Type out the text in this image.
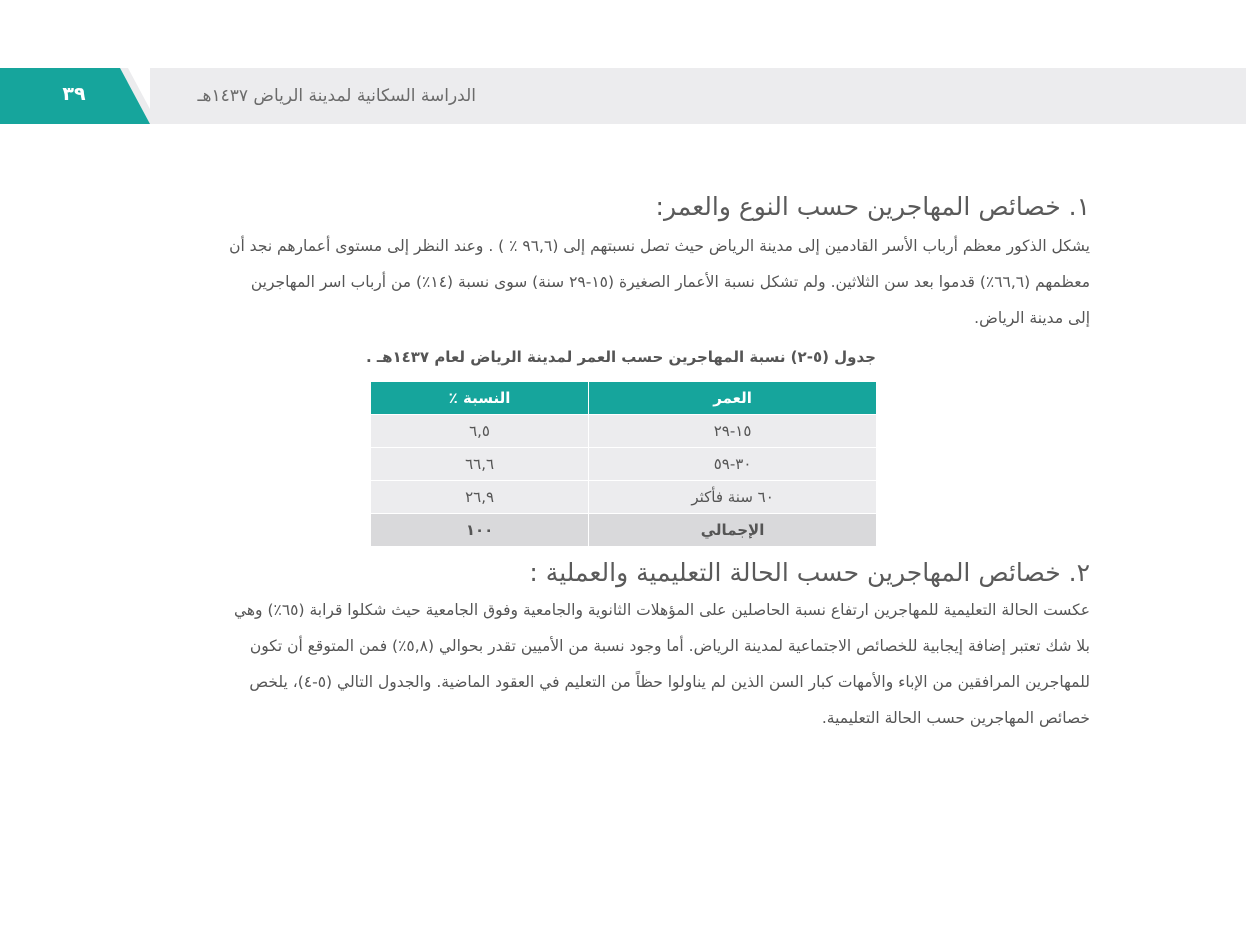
٣٩	الدراسة السكانية لمدينة الرياض ١٤٣٧هـ
١. خصائص المهاجرين حسب النوع والعمر:
يشكل الذكور معظم أرباب الأسر القادمين إلى مدينة الرياض حيث تصل نسبتهم إلى (٩٦,٦ ٪ ) . وعند النظر إلى مستوى أعمارهم نجد أن
معظمهم (٦٦,٦٪) قدموا بعد سن الثلاثين. ولم تشكل نسبة الأعمار الصغيرة (١٥-٢٩ سنة) سوى نسبة (١٤٪) من أرباب اسر المهاجرين
إلى مدينة الرياض.
جدول (٥-٢) نسبة المهاجرين حسب العمر لمدينة الرياض لعام ١٤٣٧هـ .
العمر	النسبة ٪
١٥-٢٩	٦,٥
٣٠-٥٩	٦٦,٦
٦٠ سنة فأكثر	٢٦,٩
الإجمالي	١٠٠
٢. خصائص المهاجرين حسب الحالة التعليمية والعملية :
عكست الحالة التعليمية للمهاجرين ارتفاع نسبة الحاصلين على المؤهلات الثانوية والجامعية وفوق الجامعية حيث شكلوا قرابة (٦٥٪) وهي
بلا شك تعتبر إضافة إيجابية للخصائص الاجتماعية لمدينة الرياض. أما وجود نسبة من الأميين تقدر بحوالي (٥,٨٪) فمن المتوقع أن تكون
للمهاجرين المرافقين من الإباء والأمهات كبار السن الذين لم يناولوا حظاً من التعليم في العقود الماضية. والجدول التالي (٥-٤)، يلخص
خصائص المهاجرين حسب الحالة التعليمية.
